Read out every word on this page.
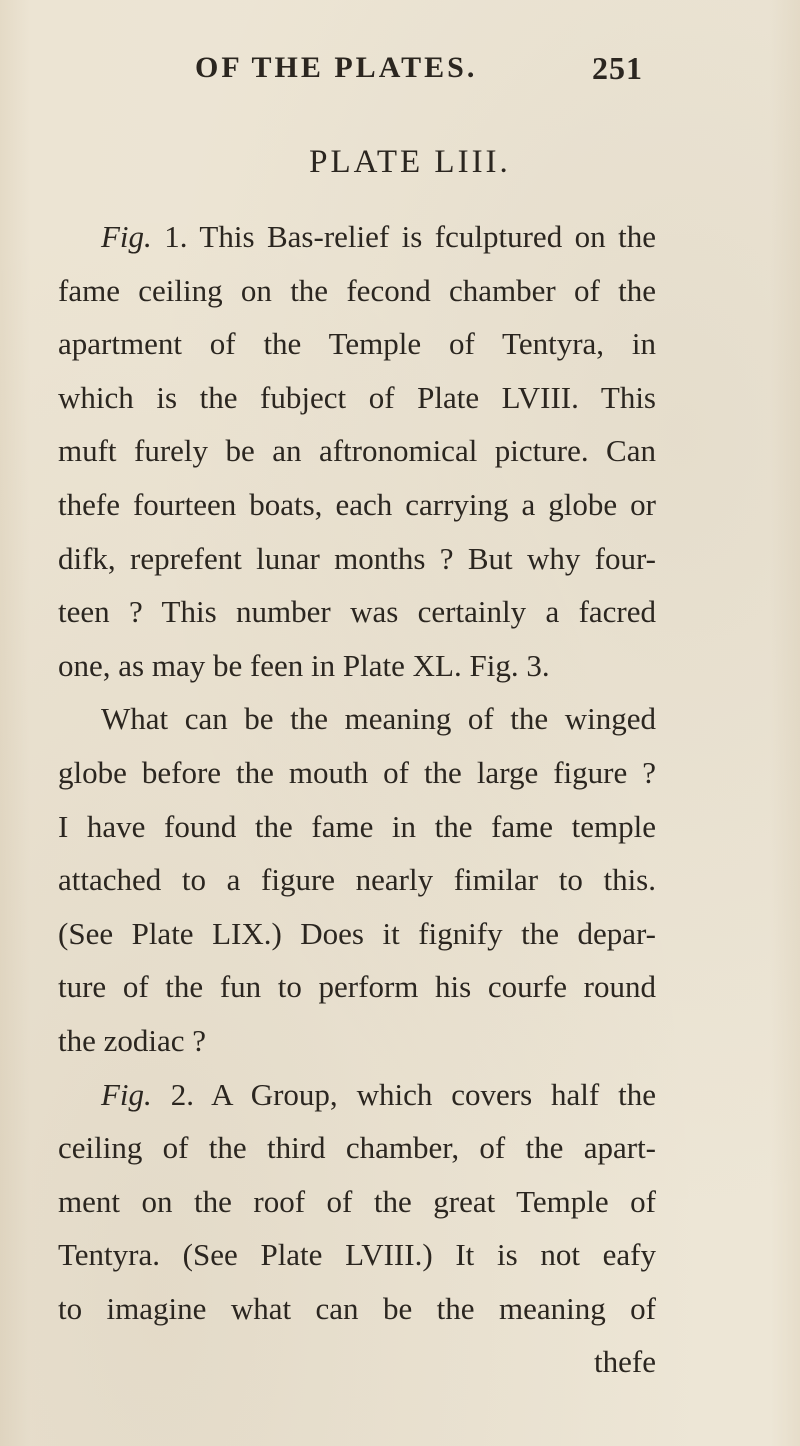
OF THE PLATES.	251
PLATE LIII.
Fig. 1. This Bas-relief is fculptured on the
fame ceiling on the fecond chamber of the
apartment of the Temple of Tentyra, in
which is the fubject of Plate LVIII. This
muft furely be an aftronomical picture. Can
thefe fourteen boats, each carrying a globe or
difk, reprefent lunar months ? But why four-
teen ? This number was certainly a facred
one, as may be feen in Plate XL. Fig. 3.
What can be the meaning of the winged
globe before the mouth of the large figure ?
I have found the fame in the fame temple
attached to a figure nearly fimilar to this.
(See Plate LIX.) Does it fignify the depar-
ture of the fun to perform his courfe round
the zodiac ?
Fig. 2. A Group, which covers half the
ceiling of the third chamber, of the apart-
ment on the roof of the great Temple of
Tentyra. (See Plate LVIII.) It is not eafy
to imagine what can be the meaning of
thefe
